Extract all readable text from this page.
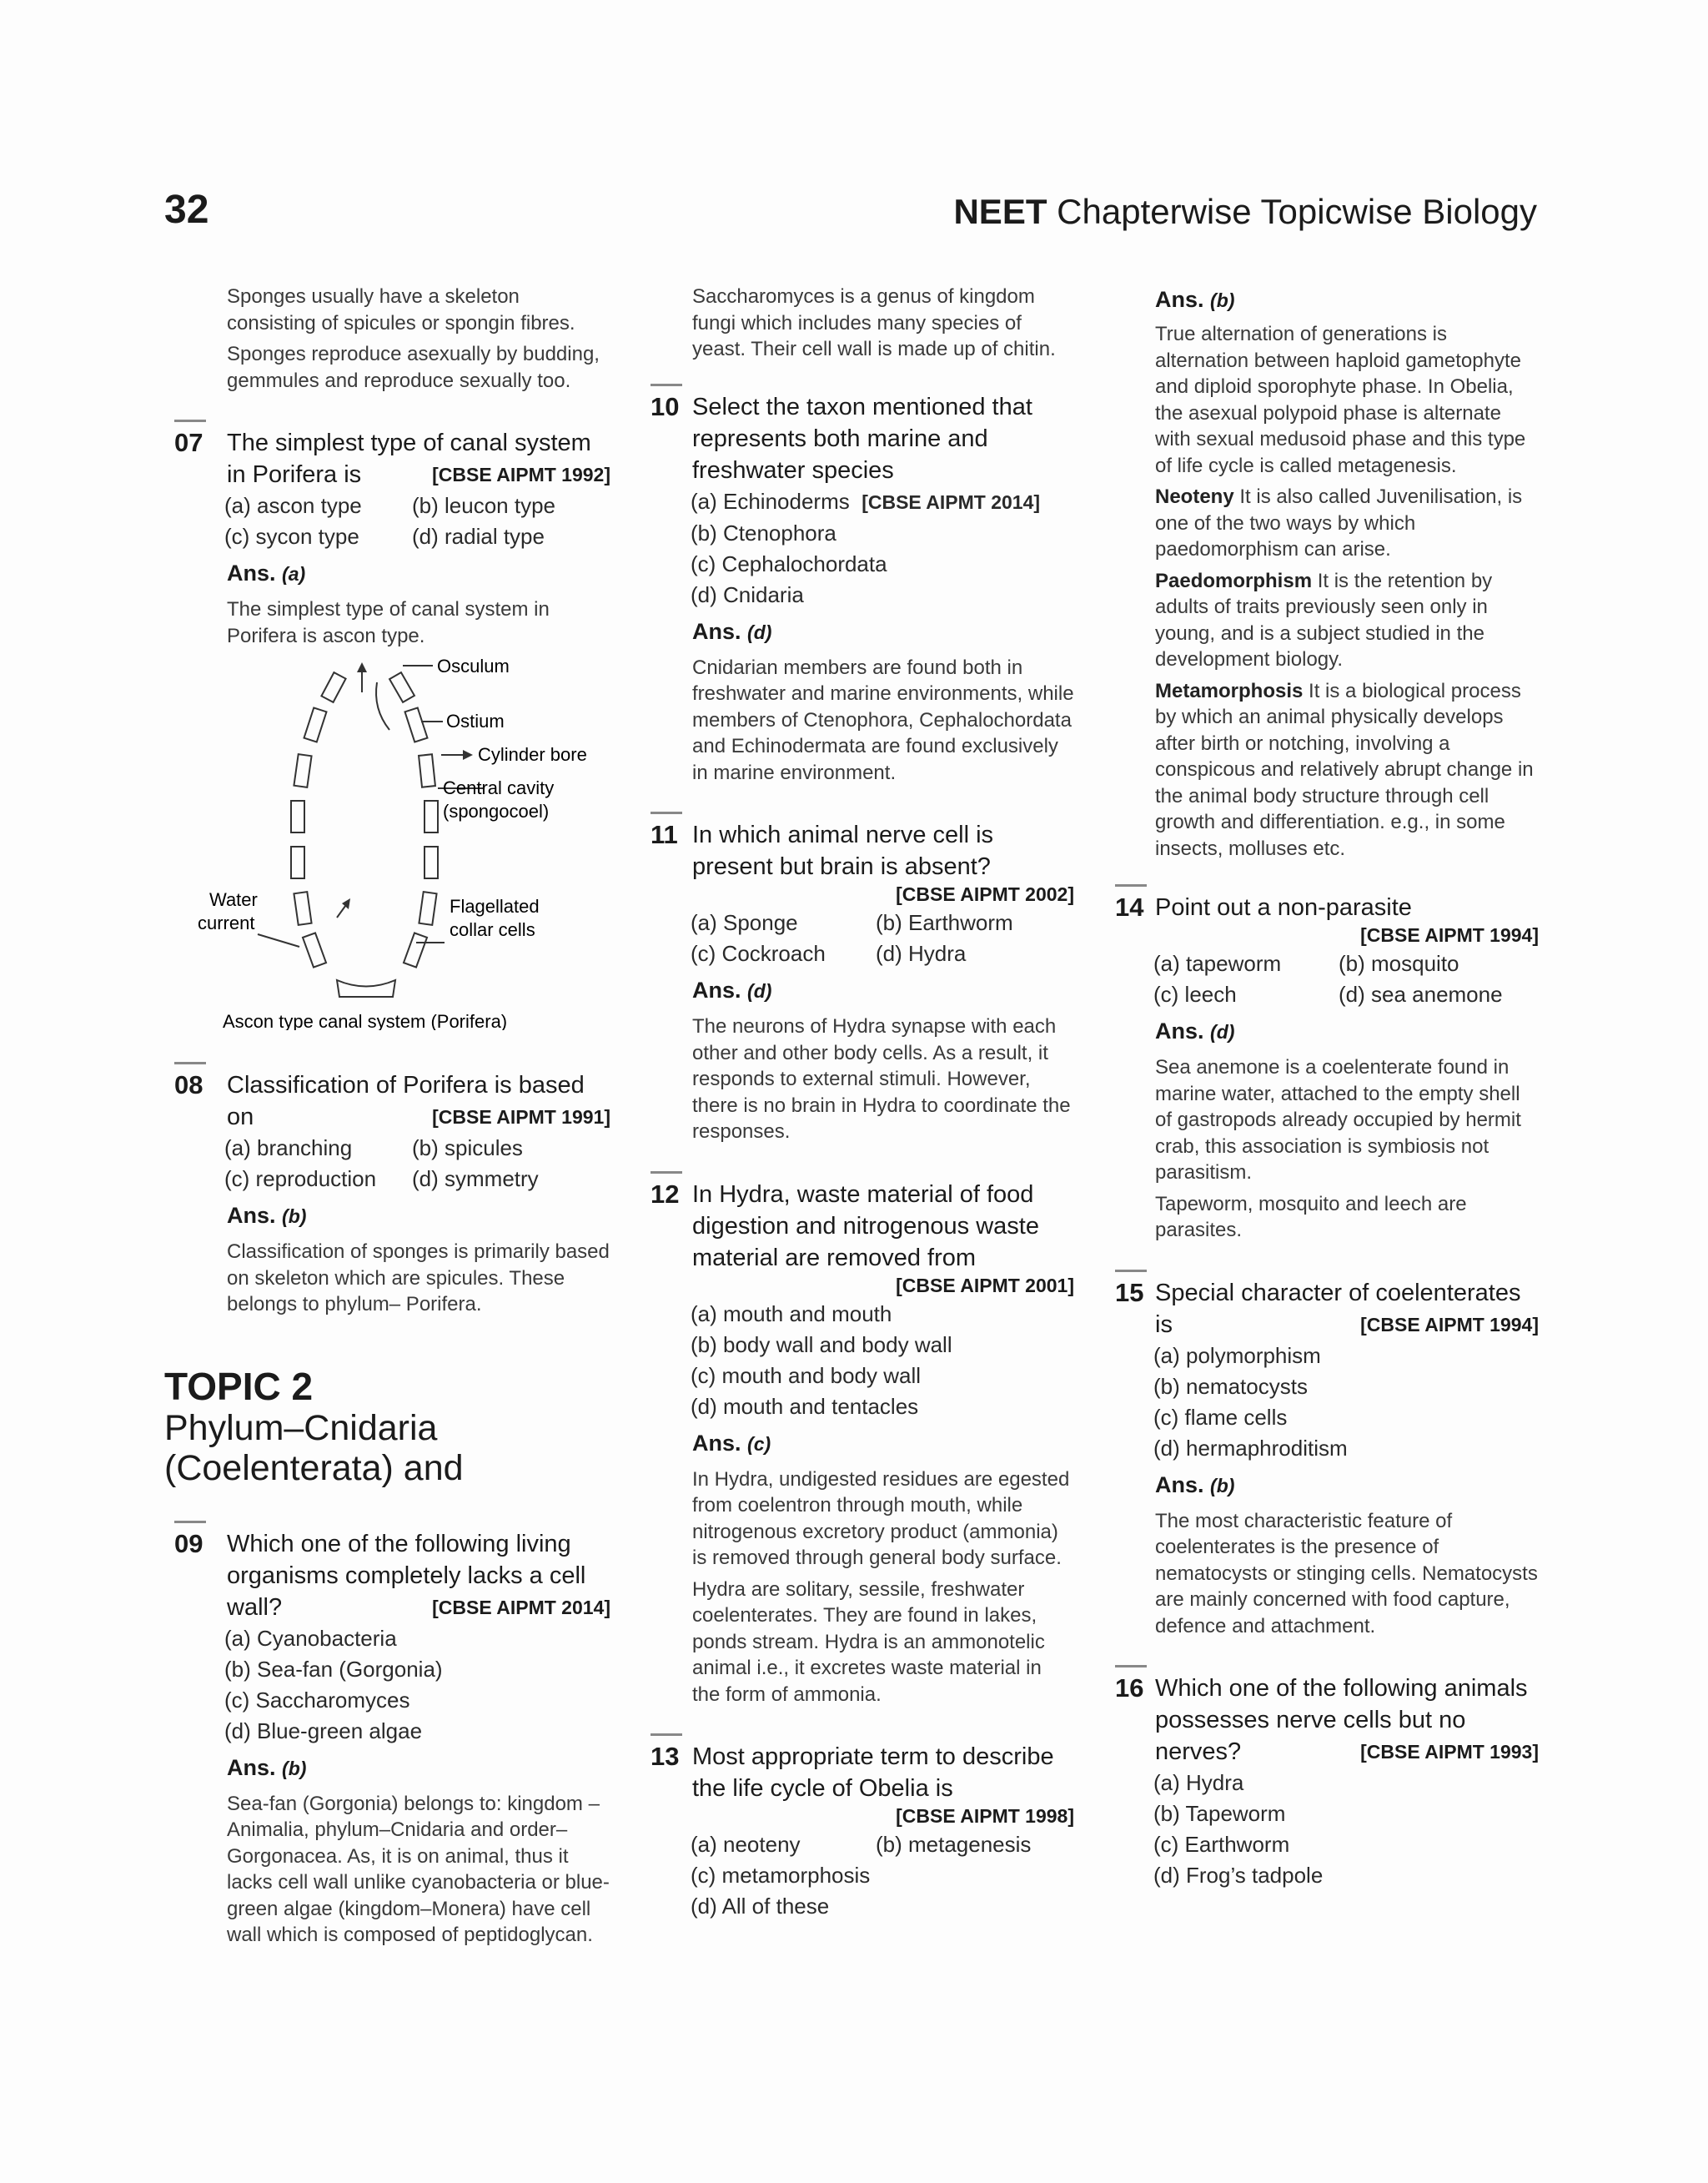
32	NEET Chapterwise Topicwise Biology

Sponges usually have a skeleton consisting of spicules or spongin fibres.

Sponges reproduce asexually by budding, gemmules and reproduce sexually too.

07 The simplest type of canal system in Porifera is	[CBSE AIPMT 1992]
(a) ascon type	(b) leucon type
(c) sycon type	(d) radial type
Ans. (a)

The simplest type of canal system in Porifera is ascon type.

Osculum
Ostium
Cylinder bore
Central cavity
(spongocoel)
Water
current
Flagellated
collar cells
Ascon type canal system (Porifera)
08 Classification of Porifera is based on	[CBSE AIPMT 1991]
(a) branching	(b) spicules
(c) reproduction	(d) symmetry
Ans. (b)

Classification of sponges is primarily based on skeleton which are spicules. These belongs to phylum– Porifera.

TOPIC 2
Phylum–Cnidaria
(Coelenterata) and
09 Which one of the following living organisms completely lacks a cell wall?	[CBSE AIPMT 2014]
(a) Cyanobacteria
(b) Sea-fan (Gorgonia)
(c) Saccharomyces
(d) Blue-green algae
Ans. (b)

Sea-fan (Gorgonia) belongs to: kingdom –Animalia, phylum–Cnidaria and order–Gorgonacea. As, it is on animal, thus it lacks cell wall unlike cyanobacteria or blue-green algae (kingdom–Monera) have cell wall which is composed of peptidoglycan.

Saccharomyces is a genus of kingdom fungi which includes many species of yeast. Their cell wall is made up of chitin.

10 Select the taxon mentioned that represents both marine and freshwater species
(a) Echinoderms [CBSE AIPMT 2014]
(b) Ctenophora
(c) Cephalochordata
(d) Cnidaria
Ans. (d)

Cnidarian members are found both in freshwater and marine environments, while members of Ctenophora, Cephalochordata and Echinodermata are found exclusively in marine environment.

11 In which animal nerve cell is present but brain is absent?
[CBSE AIPMT 2002]
(a) Sponge	(b) Earthworm
(c) Cockroach	(d) Hydra
Ans. (d)

The neurons of Hydra synapse with each other and other body cells. As a result, it responds to external stimuli. However, there is no brain in Hydra to coordinate the responses.

12 In Hydra, waste material of food digestion and nitrogenous waste material are removed from
[CBSE AIPMT 2001]
(a) mouth and mouth
(b) body wall and body wall
(c) mouth and body wall
(d) mouth and tentacles
Ans. (c)

In Hydra, undigested residues are egested from coelentron through mouth, while nitrogenous excretory product (ammonia) is removed through general body surface.

Hydra are solitary, sessile, freshwater coelenterates. They are found in lakes, ponds stream. Hydra is an ammonotelic animal i.e., it excretes waste material in the form of ammonia.

13 Most appropriate term to describe the life cycle of Obelia is
[CBSE AIPMT 1998]
(a) neoteny	(b) metagenesis
(c) metamorphosis
(d) All of these
Ans. (b)

True alternation of generations is alternation between haploid gametophyte and diploid sporophyte phase. In Obelia, the asexual polypoid phase is alternate with sexual medusoid phase and this type of life cycle is called metagenesis.

Neoteny It is also called Juvenilisation, is one of the two ways by which paedomorphism can arise.

Paedomorphism It is the retention by adults of traits previously seen only in young, and is a subject studied in the development biology.

Metamorphosis It is a biological process by which an animal physically develops after birth or notching, involving a conspicous and relatively abrupt change in the animal body structure through cell growth and differentiation. e.g., in some insects, molluses etc.

14 Point out a non-parasite
[CBSE AIPMT 1994]
(a) tapeworm	(b) mosquito
(c) leech	(d) sea anemone
Ans. (d)

Sea anemone is a coelenterate found in marine water, attached to the empty shell of gastropods already occupied by hermit crab, this association is symbiosis not parasitism.

Tapeworm, mosquito and leech are parasites.

15 Special character of coelenterates is	[CBSE AIPMT 1994]
(a) polymorphism
(b) nematocysts
(c) flame cells
(d) hermaphroditism
Ans. (b)

The most characteristic feature of coelenterates is the presence of nematocysts or stinging cells. Nematocysts are mainly concerned with food capture, defence and attachment.

16 Which one of the following animals possesses nerve cells but no nerves?	[CBSE AIPMT 1993]
(a) Hydra
(b) Tapeworm
(c) Earthworm
(d) Frog’s tadpole
